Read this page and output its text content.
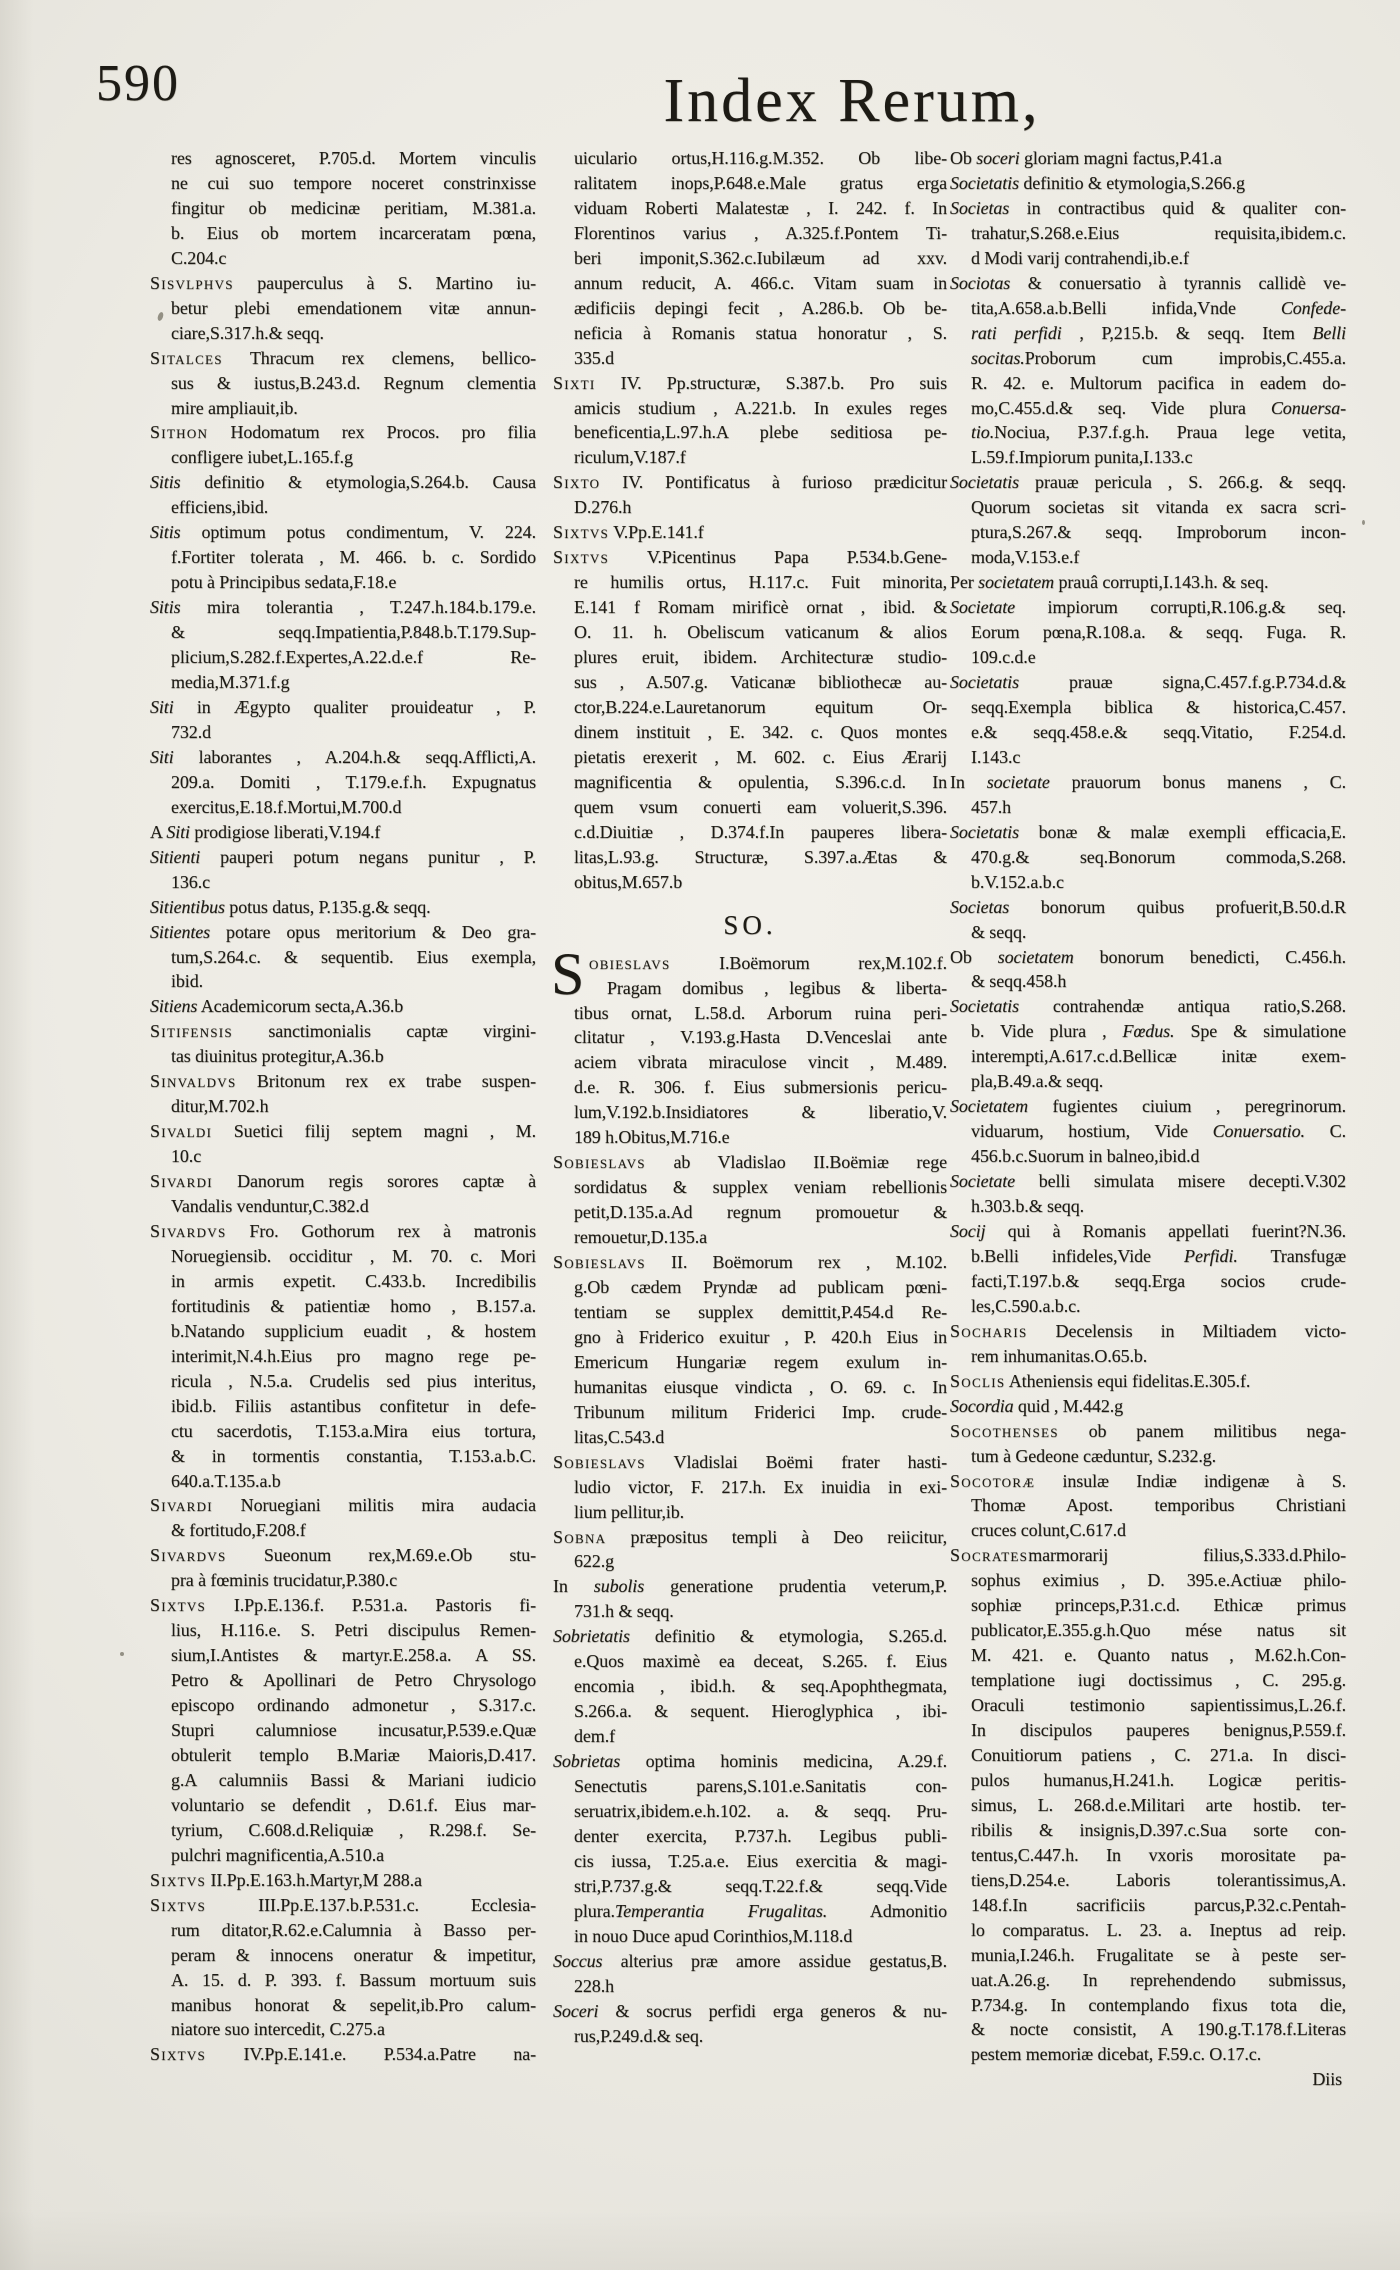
590	Index Rerum,
res agnosceret, P.705.d. Mortem vinculis
ne cui suo tempore noceret constrinxisse
fingitur ob medicinæ peritiam, M.381.a.
b. Eius ob mortem incarceratam pœna,
C.204.c
Sisvlphvs pauperculus à S. Martino iu-
betur plebi emendationem vitæ annun-
ciare,S.317.h.& seqq.
Sitalces Thracum rex clemens, bellico-
sus & iustus,B.243.d. Regnum clementia
mire ampliauit,ib.
Sithon Hodomatum rex Procos. pro filia
confligere iubet,L.165.f.g
Sitis definitio & etymologia,S.264.b. Causa
efficiens,ibid.
Sitis optimum potus condimentum, V. 224.
f.Fortiter tolerata , M. 466. b. c. Sordido
potu à Principibus sedata,F.18.e
Sitis mira tolerantia , T.247.h.184.b.179.e.
& seqq.Impatientia,P.848.b.T.179.Sup-
plicium,S.282.f.Expertes,A.22.d.e.f Re-
media,M.371.f.g
Siti in Ægypto qualiter prouideatur , P.
732.d
Siti laborantes , A.204.h.& seqq.Afflicti,A.
209.a. Domiti , T.179.e.f.h. Expugnatus
exercitus,E.18.f.Mortui,M.700.d
A Siti prodigiose liberati,V.194.f
Sitienti pauperi potum negans punitur , P.
136.c
Sitientibus potus datus, P.135.g.& seqq.
Sitientes potare opus meritorium & Deo gra-
tum,S.264.c. & sequentib. Eius exempla,
ibid.
Sitiens Academicorum secta,A.36.b
Sitifensis sanctimonialis captæ virgini-
tas diuinitus protegitur,A.36.b
Sinvaldvs Britonum rex ex trabe suspen-
ditur,M.702.h
Sivaldi Suetici filij septem magni , M.
10.c
Sivardi Danorum regis sorores captæ à
Vandalis venduntur,C.382.d
Sivardvs Fro. Gothorum rex à matronis
Noruegiensib. occiditur , M. 70. c. Mori
in armis expetit. C.433.b. Incredibilis
fortitudinis & patientiæ homo , B.157.a.
b.Natando supplicium euadit , & hostem
interimit,N.4.h.Eius pro magno rege pe-
ricula , N.5.a. Crudelis sed pius interitus,
ibid.b. Filiis astantibus confitetur in defe-
ctu sacerdotis, T.153.a.Mira eius tortura,
& in tormentis constantia, T.153.a.b.C.
640.a.T.135.a.b
Sivardi Noruegiani militis mira audacia
& fortitudo,F.208.f
Sivardvs Sueonum rex,M.69.e.Ob stu-
pra à fœminis trucidatur,P.380.c
Sixtvs I.Pp.E.136.f. P.531.a. Pastoris fi-
lius, H.116.e. S. Petri discipulus Remen-
sium,I.Antistes & martyr.E.258.a. A SS.
Petro & Apollinari de Petro Chrysologo
episcopo ordinando admonetur , S.317.c.
Stupri calumniose incusatur,P.539.e.Quæ
obtulerit templo B.Mariæ Maioris,D.417.
g.A calumniis Bassi & Mariani iudicio
voluntario se defendit , D.61.f. Eius mar-
tyrium, C.608.d.Reliquiæ , R.298.f. Se-
pulchri magnificentia,A.510.a
Sixtvs II.Pp.E.163.h.Martyr,M 288.a
Sixtvs III.Pp.E.137.b.P.531.c. Ecclesia-
rum ditator,R.62.e.Calumnia à Basso per-
peram & innocens oneratur & impetitur,
A. 15. d. P. 393. f. Bassum mortuum suis
manibus honorat & sepelit,ib.Pro calum-
niatore suo intercedit, C.275.a
Sixtvs IV.Pp.E.141.e. P.534.a.Patre na-
uiculario ortus,H.116.g.M.352. Ob libe-
ralitatem inops,P.648.e.Male gratus erga
viduam Roberti Malatestæ , I. 242. f. In
Florentinos varius , A.325.f.Pontem Ti-
beri imponit,S.362.c.Iubilæum ad xxv.
annum reducit, A. 466.c. Vitam suam in
ædificiis depingi fecit , A.286.b. Ob be-
neficia à Romanis statua honoratur , S.
335.d
Sixti IV. Pp.structuræ, S.387.b. Pro suis
amicis studium , A.221.b. In exules reges
beneficentia,L.97.h.A plebe seditiosa pe-
riculum,V.187.f
Sixto IV. Pontificatus à furioso prædicitur
D.276.h
Sixtvs V.Pp.E.141.f
Sixtvs V.Picentinus Papa P.534.b.Gene-
re humilis ortus, H.117.c. Fuit minorita,
E.141 f Romam mirificè ornat , ibid. &
O. 11. h. Obeliscum vaticanum & alios
plures eruit, ibidem. Architecturæ studio-
sus , A.507.g. Vaticanæ bibliothecæ au-
ctor,B.224.e.Lauretanorum equitum Or-
dinem instituit , E. 342. c. Quos montes
pietatis erexerit , M. 602. c. Eius Ærarij
magnificentia & opulentia, S.396.c.d. In
quem vsum conuerti eam voluerit,S.396.
c.d.Diuitiæ , D.374.f.In pauperes libera-
litas,L.93.g. Structuræ, S.397.a.Ætas &
obitus,M.657.b
SO.
S obieslavs I.Boëmorum rex,M.102.f.
Pragam domibus , legibus & liberta-
tibus ornat, L.58.d. Arborum ruina peri-
clitatur , V.193.g.Hasta D.Venceslai ante
aciem vibrata miraculose vincit , M.489.
d.e. R. 306. f. Eius submersionis pericu-
lum,V.192.b.Insidiatores & liberatio,V.
189 h.Obitus,M.716.e
Sobieslavs ab Vladislao II.Boëmiæ rege
sordidatus & supplex veniam rebellionis
petit,D.135.a.Ad regnum promouetur &
remouetur,D.135.a
Sobieslavs II. Boëmorum rex , M.102.
g.Ob cædem Pryndæ ad publicam pœni-
tentiam se supplex demittit,P.454.d Re-
gno à Friderico exuitur , P. 420.h Eius in
Emericum Hungariæ regem exulum in-
humanitas eiusque vindicta , O. 69. c. In
Tribunum militum Friderici Imp. crude-
litas,C.543.d
Sobieslavs Vladislai Boëmi frater hasti-
ludio victor, F. 217.h. Ex inuidia in exi-
lium pellitur,ib.
Sobna præpositus templi à Deo reiicitur,
622.g
In subolis generatione prudentia veterum,P.
731.h & seqq.
Sobrietatis definitio & etymologia, S.265.d.
e.Quos maximè ea deceat, S.265. f. Eius
encomia , ibid.h. & seq.Apophthegmata,
S.266.a. & sequent. Hieroglyphica , ibi-
dem.f
Sobrietas optima hominis medicina, A.29.f.
Senectutis parens,S.101.e.Sanitatis con-
seruatrix,ibidem.e.h.102. a. & seqq. Pru-
denter exercita, P.737.h. Legibus publi-
cis iussa, T.25.a.e. Eius exercitia & magi-
stri,P.737.g.& seqq.T.22.f.& seqq.Vide
plura.Temperantia Frugalitas. Admonitio
in nouo Duce apud Corinthios,M.118.d
Soccus alterius præ amore assidue gestatus,B.
228.h
Soceri & socrus perfidi erga generos & nu-
rus,P.249.d.& seq.
Ob soceri gloriam magni factus,P.41.a
Societatis definitio & etymologia,S.266.g
Societas in contractibus quid & qualiter con-
trahatur,S.268.e.Eius requisita,ibidem.c.
d Modi varij contrahendi,ib.e.f
Sociotas & conuersatio à tyrannis callidè ve-
tita,A.658.a.b.Belli infida,Vnde Confede-
rati perfidi , P,215.b. & seqq. Item Belli
socitas.Proborum cum improbis,C.455.a.
R. 42. e. Multorum pacifica in eadem do-
mo,C.455.d.& seq. Vide plura Conuersa-
tio.Nociua, P.37.f.g.h. Praua lege vetita,
L.59.f.Impiorum punita,I.133.c
Societatis prauæ pericula , S. 266.g. & seqq.
Quorum societas sit vitanda ex sacra scri-
ptura,S.267.& seqq. Improborum incon-
moda,V.153.e.f
Per societatem prauâ corrupti,I.143.h. & seq.
Societate impiorum corrupti,R.106.g.& seq.
Eorum pœna,R.108.a. & seqq. Fuga. R.
109.c.d.e
Societatis prauæ signa,C.457.f.g.P.734.d.&
seqq.Exempla biblica & historica,C.457.
e.& seqq.458.e.& seqq.Vitatio, F.254.d.
I.143.c
In societate prauorum bonus manens , C.
457.h
Societatis bonæ & malæ exempli efficacia,E.
470.g.& seq.Bonorum commoda,S.268.
b.V.152.a.b.c
Societas bonorum quibus profuerit,B.50.d.R
& seqq.
Ob societatem bonorum benedicti, C.456.h.
& seqq.458.h
Societatis contrahendæ antiqua ratio,S.268.
b. Vide plura , Fœdus. Spe & simulatione
interempti,A.617.c.d.Bellicæ initæ exem-
pla,B.49.a.& seqq.
Societatem fugientes ciuium , peregrinorum.
viduarum, hostium, Vide Conuersatio. C.
456.b.c.Suorum in balneo,ibid.d
Societate belli simulata misere decepti.V.302
h.303.b.& seqq.
Socij qui à Romanis appellati fuerint?N.36.
b.Belli infideles,Vide Perfidi. Transfugæ
facti,T.197.b.& seqq.Erga socios crude-
les,C.590.a.b.c.
Socharis Decelensis in Miltiadem victo-
rem inhumanitas.O.65.b.
Soclis Atheniensis equi fidelitas.E.305.f.
Socordia quid , M.442.g
Socothenses ob panem militibus nega-
tum à Gedeone cæduntur, S.232.g.
Socotoræ insulæ Indiæ indigenæ à S.
Thomæ Apost. temporibus Christiani
cruces colunt,C.617.d
Socratesmarmorarij filius,S.333.d.Philo-
sophus eximius , D. 395.e.Actiuæ philo-
sophiæ princeps,P.31.c.d. Ethicæ primus
publicator,E.355.g.h.Quo mése natus sit
M. 421. e. Quanto natus , M.62.h.Con-
templatione iugi doctissimus , C. 295.g.
Oraculi testimonio sapientissimus,L.26.f.
In discipulos pauperes benignus,P.559.f.
Conuitiorum patiens , C. 271.a. In disci-
pulos humanus,H.241.h. Logicæ peritis-
simus, L. 268.d.e.Militari arte hostib. ter-
ribilis & insignis,D.397.c.Sua sorte con-
tentus,C.447.h. In vxoris morositate pa-
tiens,D.254.e. Laboris tolerantissimus,A.
148.f.In sacrificiis parcus,P.32.c.Pentah-
lo comparatus. L. 23. a. Ineptus ad reip.
munia,I.246.h. Frugalitate se à peste ser-
uat.A.26.g. In reprehendendo submissus,
P.734.g. In contemplando fixus tota die,
& nocte consistit, A 190.g.T.178.f.Literas
pestem memoriæ dicebat, F.59.c. O.17.c.
Diis
